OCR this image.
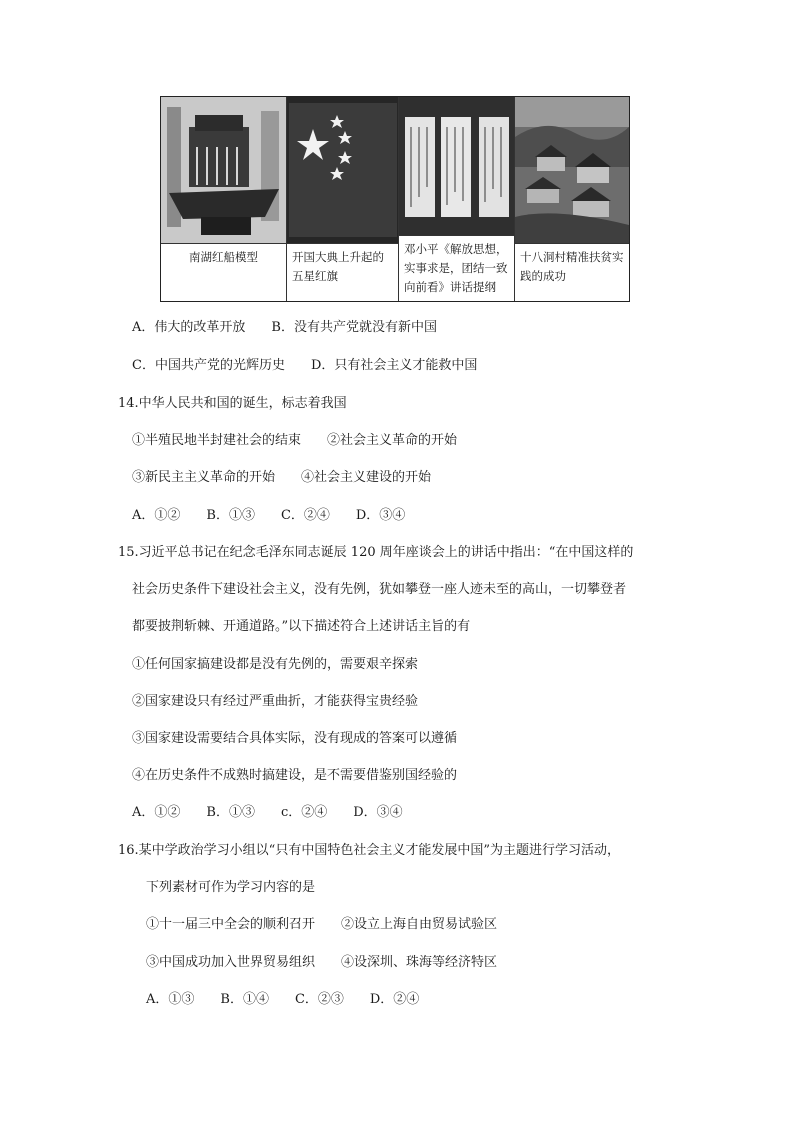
南湖红船模型	开国大典上升起的五星红旗
邓小平《解放思想，实事求是，团结一致向前看》讲话提纲
十八洞村精准扶贫实践的成功
A．伟大的改革开放　　B．没有共产党就没有新中国
C．中国共产党的光辉历史　　D．只有社会主义才能救中国
14.中华人民共和国的诞生，标志着我国
①半殖民地半封建社会的结束　　②社会主义革命的开始
③新民主主义革命的开始　　④社会主义建设的开始
A．①②　　B．①③　　C．②④　　D．③④
15.习近平总书记在纪念毛泽东同志诞辰 120 周年座谈会上的讲话中指出：“在中国这样的
社会历史条件下建设社会主义，没有先例，犹如攀登一座人迹未至的高山，一切攀登者
都要披荆斩棘、开通道路。”以下描述符合上述讲话主旨的有
①任何国家搞建设都是没有先例的，需要艰辛探索
②国家建设只有经过严重曲折，才能获得宝贵经验
③国家建设需要结合具体实际，没有现成的答案可以遵循
④在历史条件不成熟时搞建设，是不需要借鉴别国经验的
A．①②　　B．①③　　c．②④　　D．③④
16.某中学政治学习小组以“只有中国特色社会主义才能发展中国”为主题进行学习活动，
下列素材可作为学习内容的是
①十一届三中全会的顺利召开　　②设立上海自由贸易试验区
③中国成功加入世界贸易组织　　④设深圳、珠海等经济特区
A．①③　　B．①④　　C．②③　　D．②④
